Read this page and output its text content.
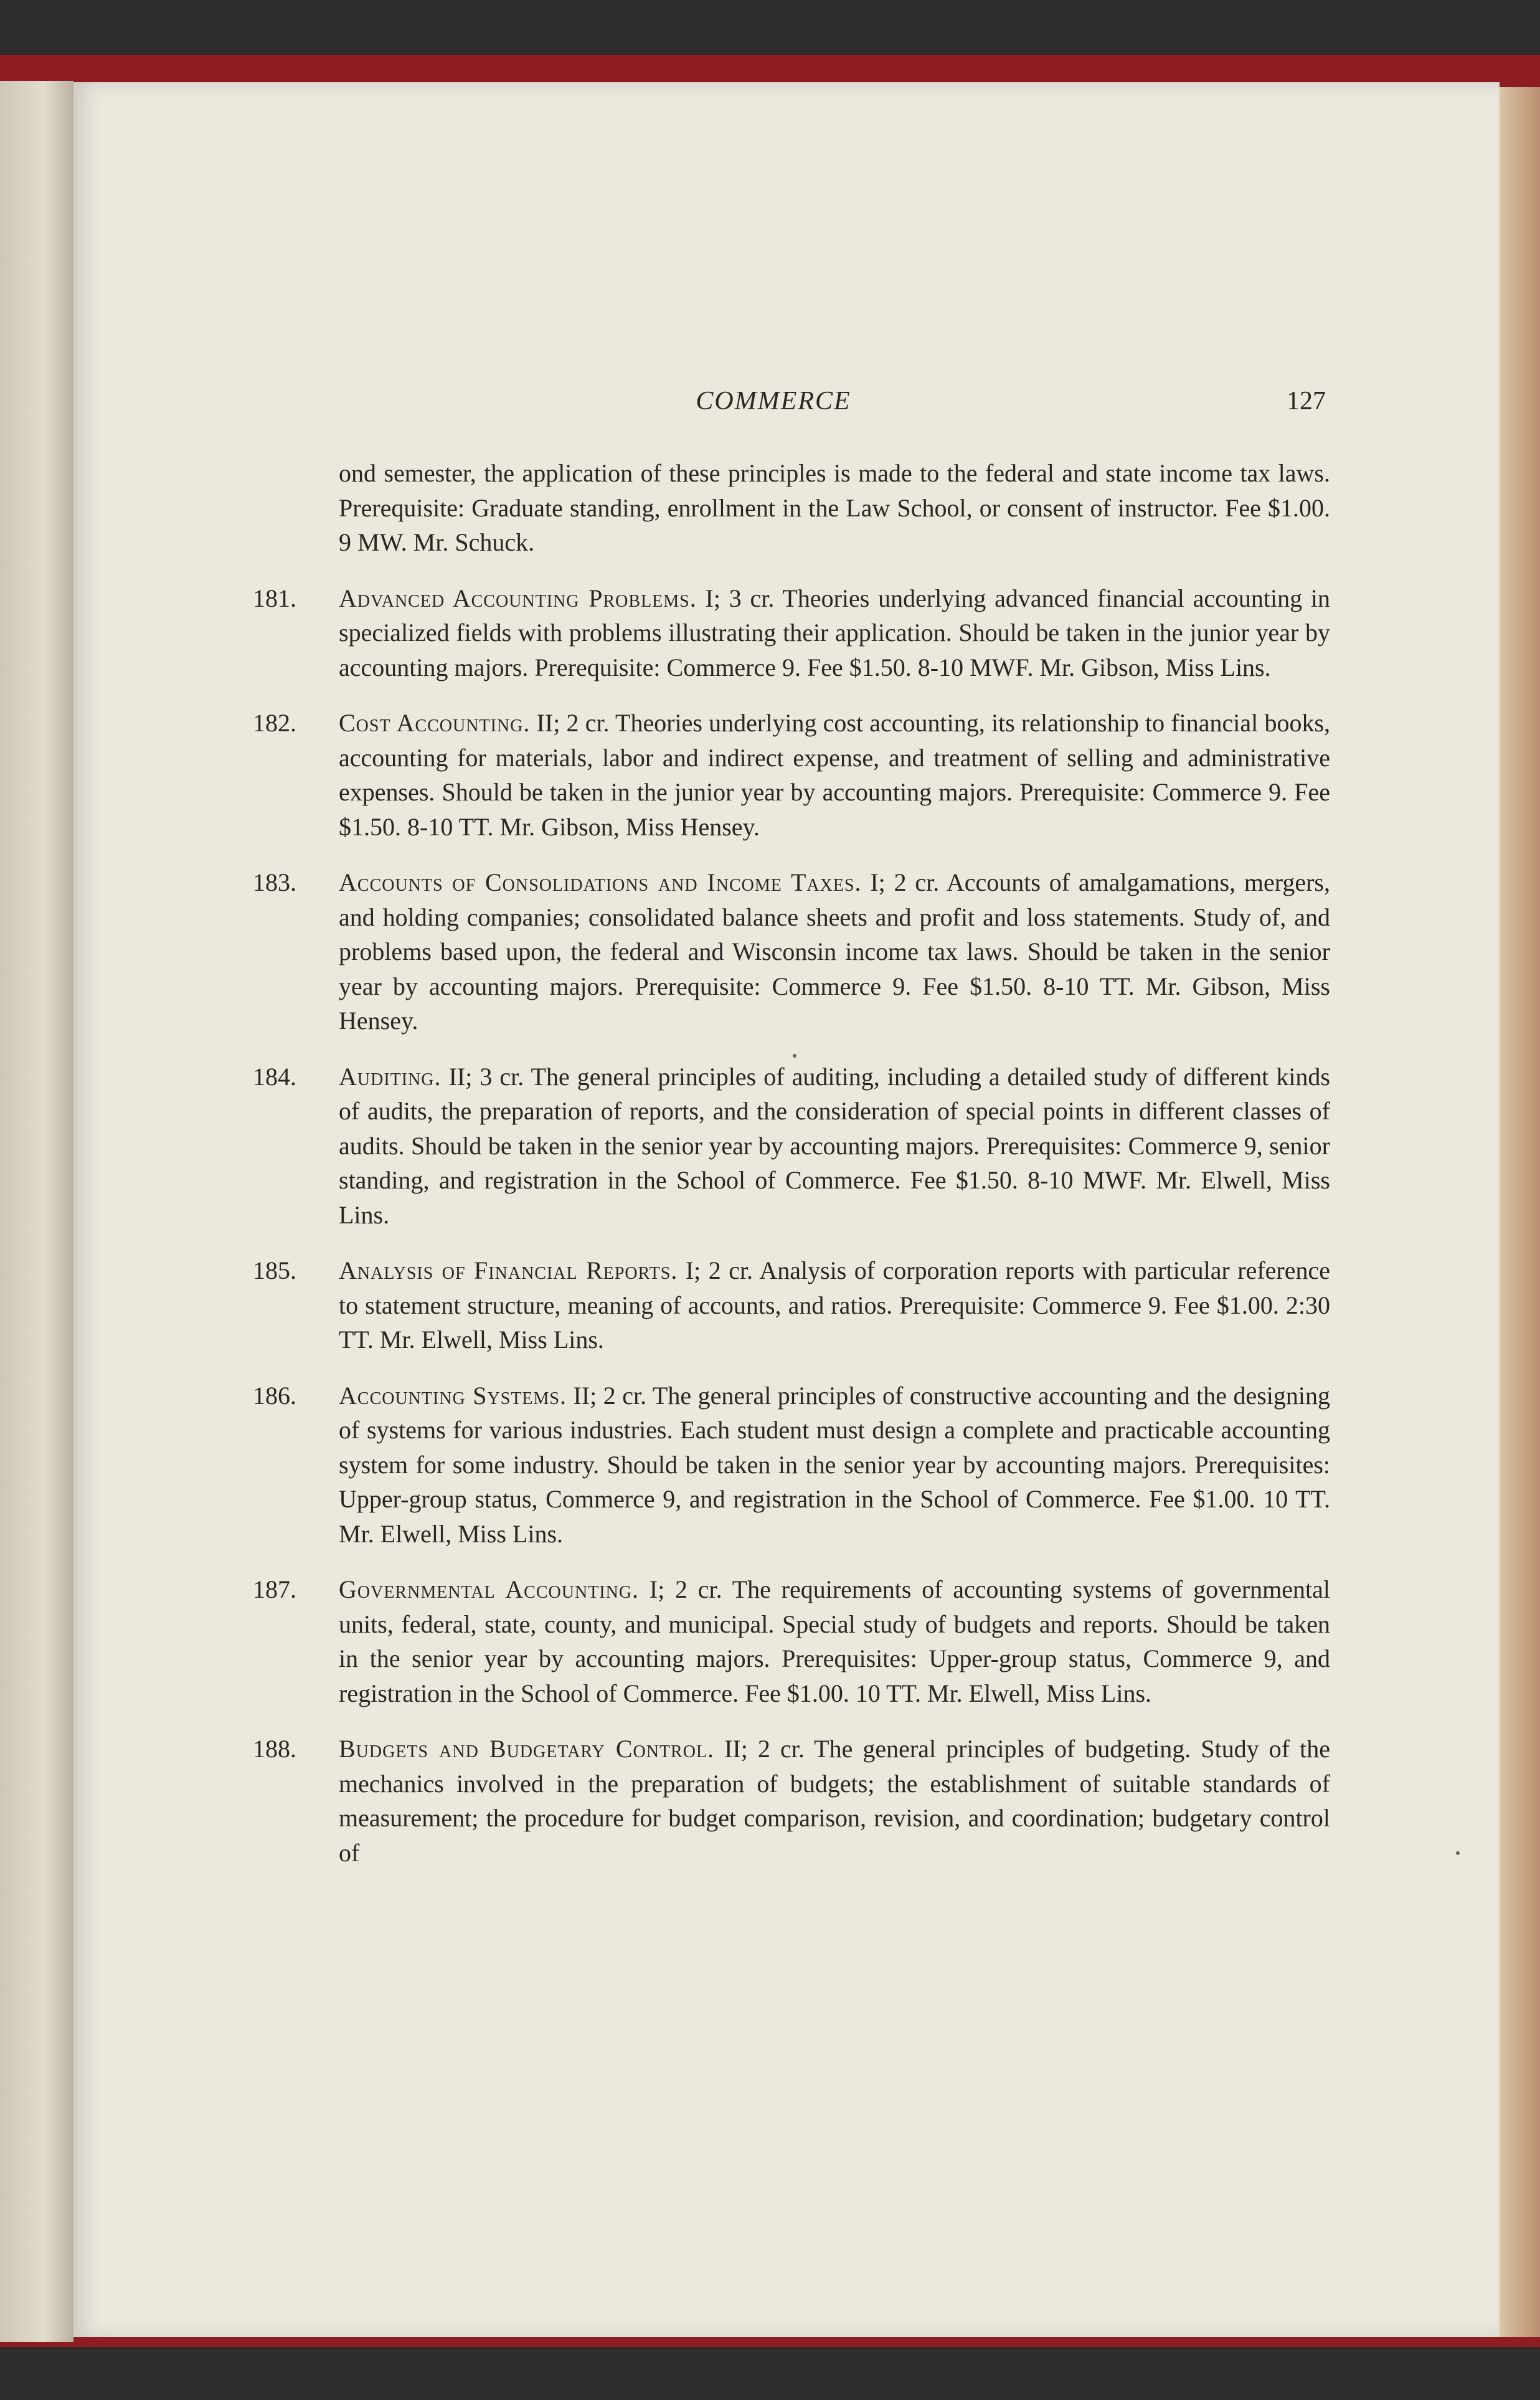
COMMERCE	127

ond semester, the application of these principles is made to the federal and state income tax laws. Prerequisite: Graduate standing, enrollment in the Law School, or consent of instructor. Fee $1.00. 9 MW. Mr. Schuck.

181. Advanced Accounting Problems. I; 3 cr. Theories underlying advanced financial accounting in specialized fields with problems illustrating their application. Should be taken in the junior year by accounting majors. Prerequisite: Commerce 9. Fee $1.50. 8-10 MWF. Mr. Gibson, Miss Lins.
182. Cost Accounting. II; 2 cr. Theories underlying cost accounting, its relationship to financial books, accounting for materials, labor and indirect expense, and treatment of selling and administrative expenses. Should be taken in the junior year by accounting majors. Prerequisite: Commerce 9. Fee $1.50. 8-10 TT. Mr. Gibson, Miss Hensey.
183. Accounts of Consolidations and Income Taxes. I; 2 cr. Accounts of amalgamations, mergers, and holding companies; consolidated balance sheets and profit and loss statements. Study of, and problems based upon, the federal and Wisconsin income tax laws. Should be taken in the senior year by accounting majors. Prerequisite: Commerce 9. Fee $1.50. 8-10 TT. Mr. Gibson, Miss Hensey.
184. Auditing. II; 3 cr. The general principles of auditing, including a detailed study of different kinds of audits, the preparation of reports, and the consideration of special points in different classes of audits. Should be taken in the senior year by accounting majors. Prerequisites: Commerce 9, senior standing, and registration in the School of Commerce. Fee $1.50. 8-10 MWF. Mr. Elwell, Miss Lins.
185. Analysis of Financial Reports. I; 2 cr. Analysis of corporation reports with particular reference to statement structure, meaning of accounts, and ratios. Prerequisite: Commerce 9. Fee $1.00. 2:30 TT. Mr. Elwell, Miss Lins.
186. Accounting Systems. II; 2 cr. The general principles of constructive accounting and the designing of systems for various industries. Each student must design a complete and practicable accounting system for some industry. Should be taken in the senior year by accounting majors. Prerequisites: Upper-group status, Commerce 9, and registration in the School of Commerce. Fee $1.00. 10 TT. Mr. Elwell, Miss Lins.
187. Governmental Accounting. I; 2 cr. The requirements of accounting systems of governmental units, federal, state, county, and municipal. Special study of budgets and reports. Should be taken in the senior year by accounting majors. Prerequisites: Upper-group status, Commerce 9, and registration in the School of Commerce. Fee $1.00. 10 TT. Mr. Elwell, Miss Lins.
188. Budgets and Budgetary Control. II; 2 cr. The general principles of budgeting. Study of the mechanics involved in the preparation of budgets; the establishment of suitable standards of measurement; the procedure for budget comparison, revision, and coordination; budgetary control of
